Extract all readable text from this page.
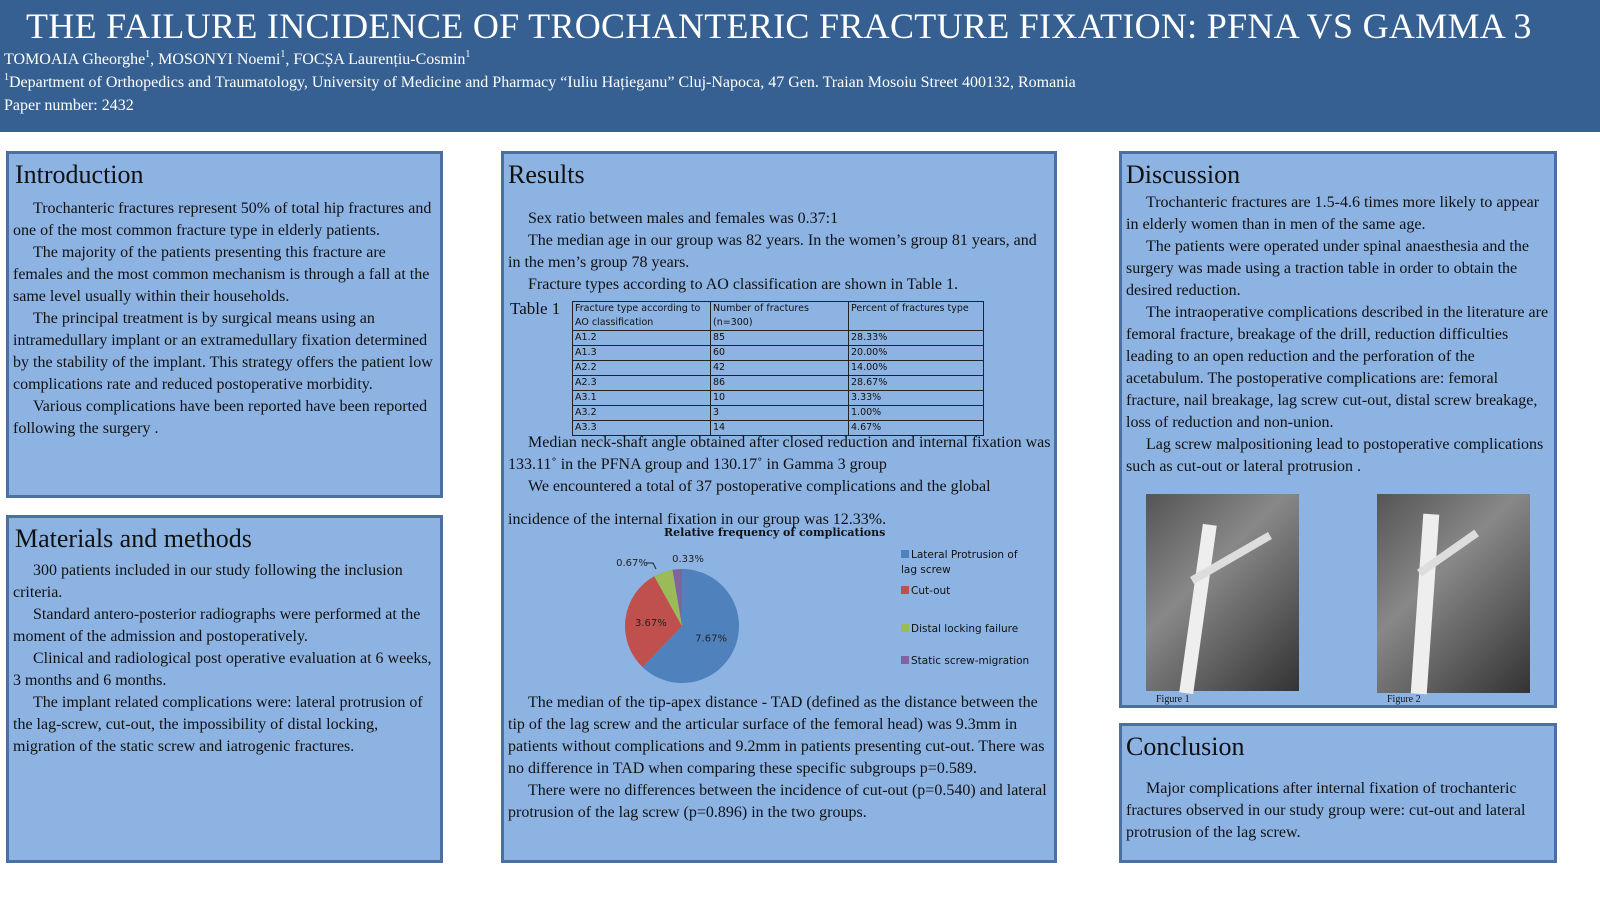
THE FAILURE INCIDENCE OF TROCHANTERIC FRACTURE FIXATION: PFNA VS GAMMA 3
TOMOAIA Gheorghe$^1$, MOSONYI Noemi$^1$, FOCȘA Laurențiu-Cosmin$^1$
$^1$Department of Orthopedics and Traumatology, University of Medicine and Pharmacy “Iuliu Hațieganu” Cluj-Napoca, 47 Gen. Traian Mosoiu Street 400132, Romania
Paper number: 2432
Introduction

Trochanteric fractures represent 50% of total hip fractures and one of the most common fracture type in elderly patients.

The majority of the patients presenting this fracture are females and the most common mechanism is through a fall at the same level usually within their households.

The principal treatment is by surgical means using an intramedullary implant or an extramedullary fixation determined by the stability of the implant. This strategy offers the patient low complications rate and reduced postoperative morbidity.

Various complications have been reported have been reported following the surgery .

Materials and methods

300 patients included in our study following the inclusion criteria.

Standard antero-posterior radiographs were performed at the moment of the admission and postoperatively.

Clinical and radiological post operative evaluation at 6 weeks, 3 months and 6 months.

The implant related complications were: lateral protrusion of the lag-screw, cut-out, the impossibility of distal locking, migration of the static screw and iatrogenic fractures.

Results

Sex ratio between males and females was 0.37:1

The median age in our group was 82 years. In the women’s group 81 years, and in the men’s group 78 years.

Fracture types according to AO classification are shown in Table 1.

Table 1 Fracture type according to AO classification	Number of fractures (n=300)	Percent of fractures type
A1.2	85	28.33%
A1.3	60	20.00%
A2.2	42	14.00%
A2.3	86	28.67%
A3.1	10	3.33%
A3.2	3	1.00%
A3.3	14	4.67%

Median neck-shaft angle obtained after closed reduction and internal fixation was 133.11˚ in the PFNA group and 130.17˚ in Gamma 3 group

We encountered a total of 37 postoperative complications and the global incidence of the internal fixation in our group was 12.33%.

Relative frequency of complications
7.67%
3.67%
0.67% 0.33%	Lateral Protrusion of lag screw
Cut-out
Distal locking failure
Static screw-migration

The median of the tip-apex distance - TAD (defined as the distance between the tip of the lag screw and the articular surface of the femoral head) was 9.3mm in patients without complications and 9.2mm in patients presenting cut-out. There was no difference in TAD when comparing these specific subgroups p=0.589.

There were no differences between the incidence of cut-out (p=0.540) and lateral protrusion of the lag screw (p=0.896) in the two groups.

Discussion

Trochanteric fractures are 1.5-4.6 times more likely to appear in elderly women than in men of the same age.

The patients were operated under spinal anaesthesia and the surgery was made using a traction table in order to obtain the desired reduction.

The intraoperative complications described in the literature are femoral fracture, breakage of the drill, reduction difficulties leading to an open reduction and the perforation of the acetabulum. The postoperative complications are: femoral fracture, nail breakage, lag screw cut-out, distal screw breakage, loss of reduction and non-union.

Lag screw malpositioning lead to postoperative complications such as cut-out or lateral protrusion .

Figure 1	Figure 2
Conclusion

Major complications after internal fixation of trochanteric fractures observed in our study group were: cut-out and lateral protrusion of the lag screw.
